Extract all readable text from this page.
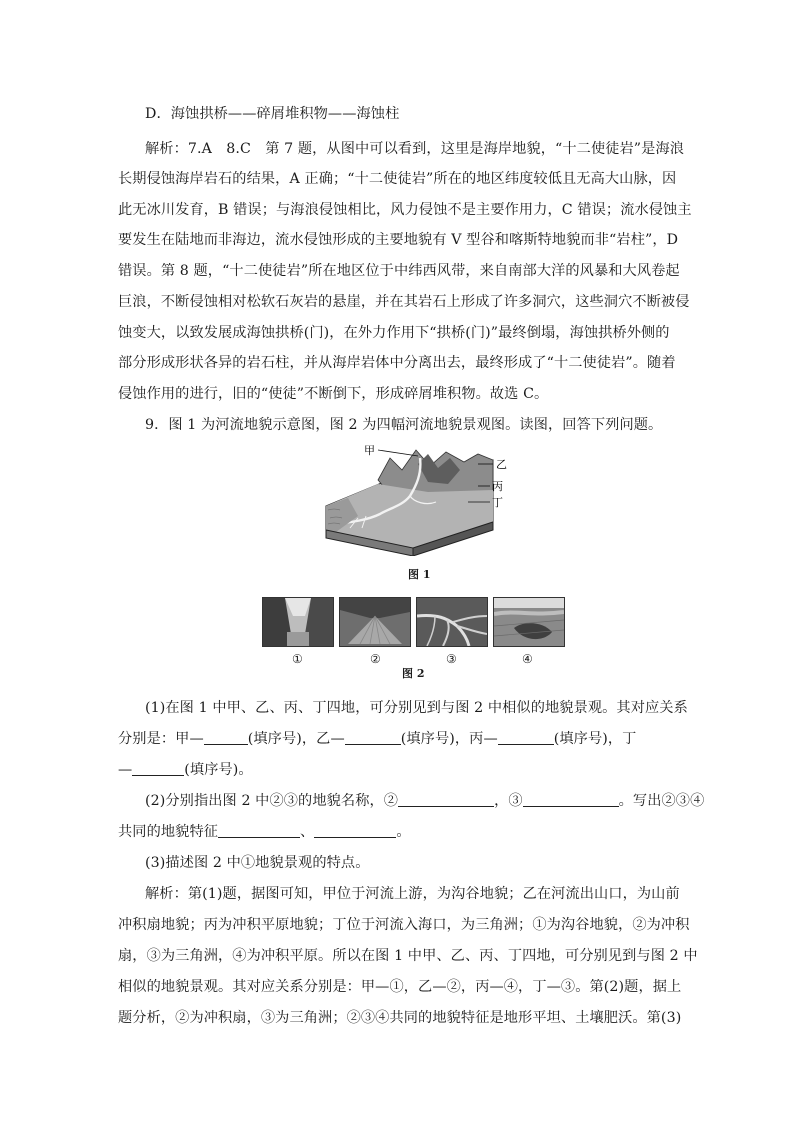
D．海蚀拱桥——碎屑堆积物——海蚀柱
解析：7.A　8.C　第 7 题，从图中可以看到，这里是海岸地貌，“十二使徒岩”是海浪
长期侵蚀海岸岩石的结果，A 正确；“十二使徒岩”所在的地区纬度较低且无高大山脉，因
此无冰川发育，B 错误；与海浪侵蚀相比，风力侵蚀不是主要作用力，C 错误；流水侵蚀主
要发生在陆地而非海边，流水侵蚀形成的主要地貌有 V 型谷和喀斯特地貌而非“岩柱”，D
错误。第 8 题，“十二使徒岩”所在地区位于中纬西风带，来自南部大洋的风暴和大风卷起
巨浪，不断侵蚀相对松软石灰岩的悬崖，并在其岩石上形成了许多洞穴，这些洞穴不断被侵
蚀变大，以致发展成海蚀拱桥(门)，在外力作用下“拱桥(门)”最终倒塌，海蚀拱桥外侧的
部分形成形状各异的岩石柱，并从海岸岩体中分离出去，最终形成了“十二使徒岩”。随着
侵蚀作用的进行，旧的“使徒”不断倒下，形成碎屑堆积物。故选 C。
9．图 1 为河流地貌示意图，图 2 为四幅河流地貌景观图。读图，回答下列问题。
甲
乙
丙
丁
图 1
①	②	③	④
图 2
(1)在图 1 中甲、乙、丙、丁四地，可分别见到与图 2 中相似的地貌景观。其对应关系
分别是：甲—	(填序号)，乙—	(填序号)，丙—	(填序号)，丁
—	(填序号)。
(2)分别指出图 2 中②③的地貌名称，②	，③	。写出②③④
共同的地貌特征	、	。
(3)描述图 2 中①地貌景观的特点。
解析：第(1)题，据图可知，甲位于河流上游，为沟谷地貌；乙在河流出山口，为山前
冲积扇地貌；丙为冲积平原地貌；丁位于河流入海口，为三角洲；①为沟谷地貌，②为冲积
扇，③为三角洲，④为冲积平原。所以在图 1 中甲、乙、丙、丁四地，可分别见到与图 2 中
相似的地貌景观。其对应关系分别是：甲—①，乙—②，丙—④，丁—③。第(2)题，据上
题分析，②为冲积扇，③为三角洲；②③④共同的地貌特征是地形平坦、土壤肥沃。第(3)
